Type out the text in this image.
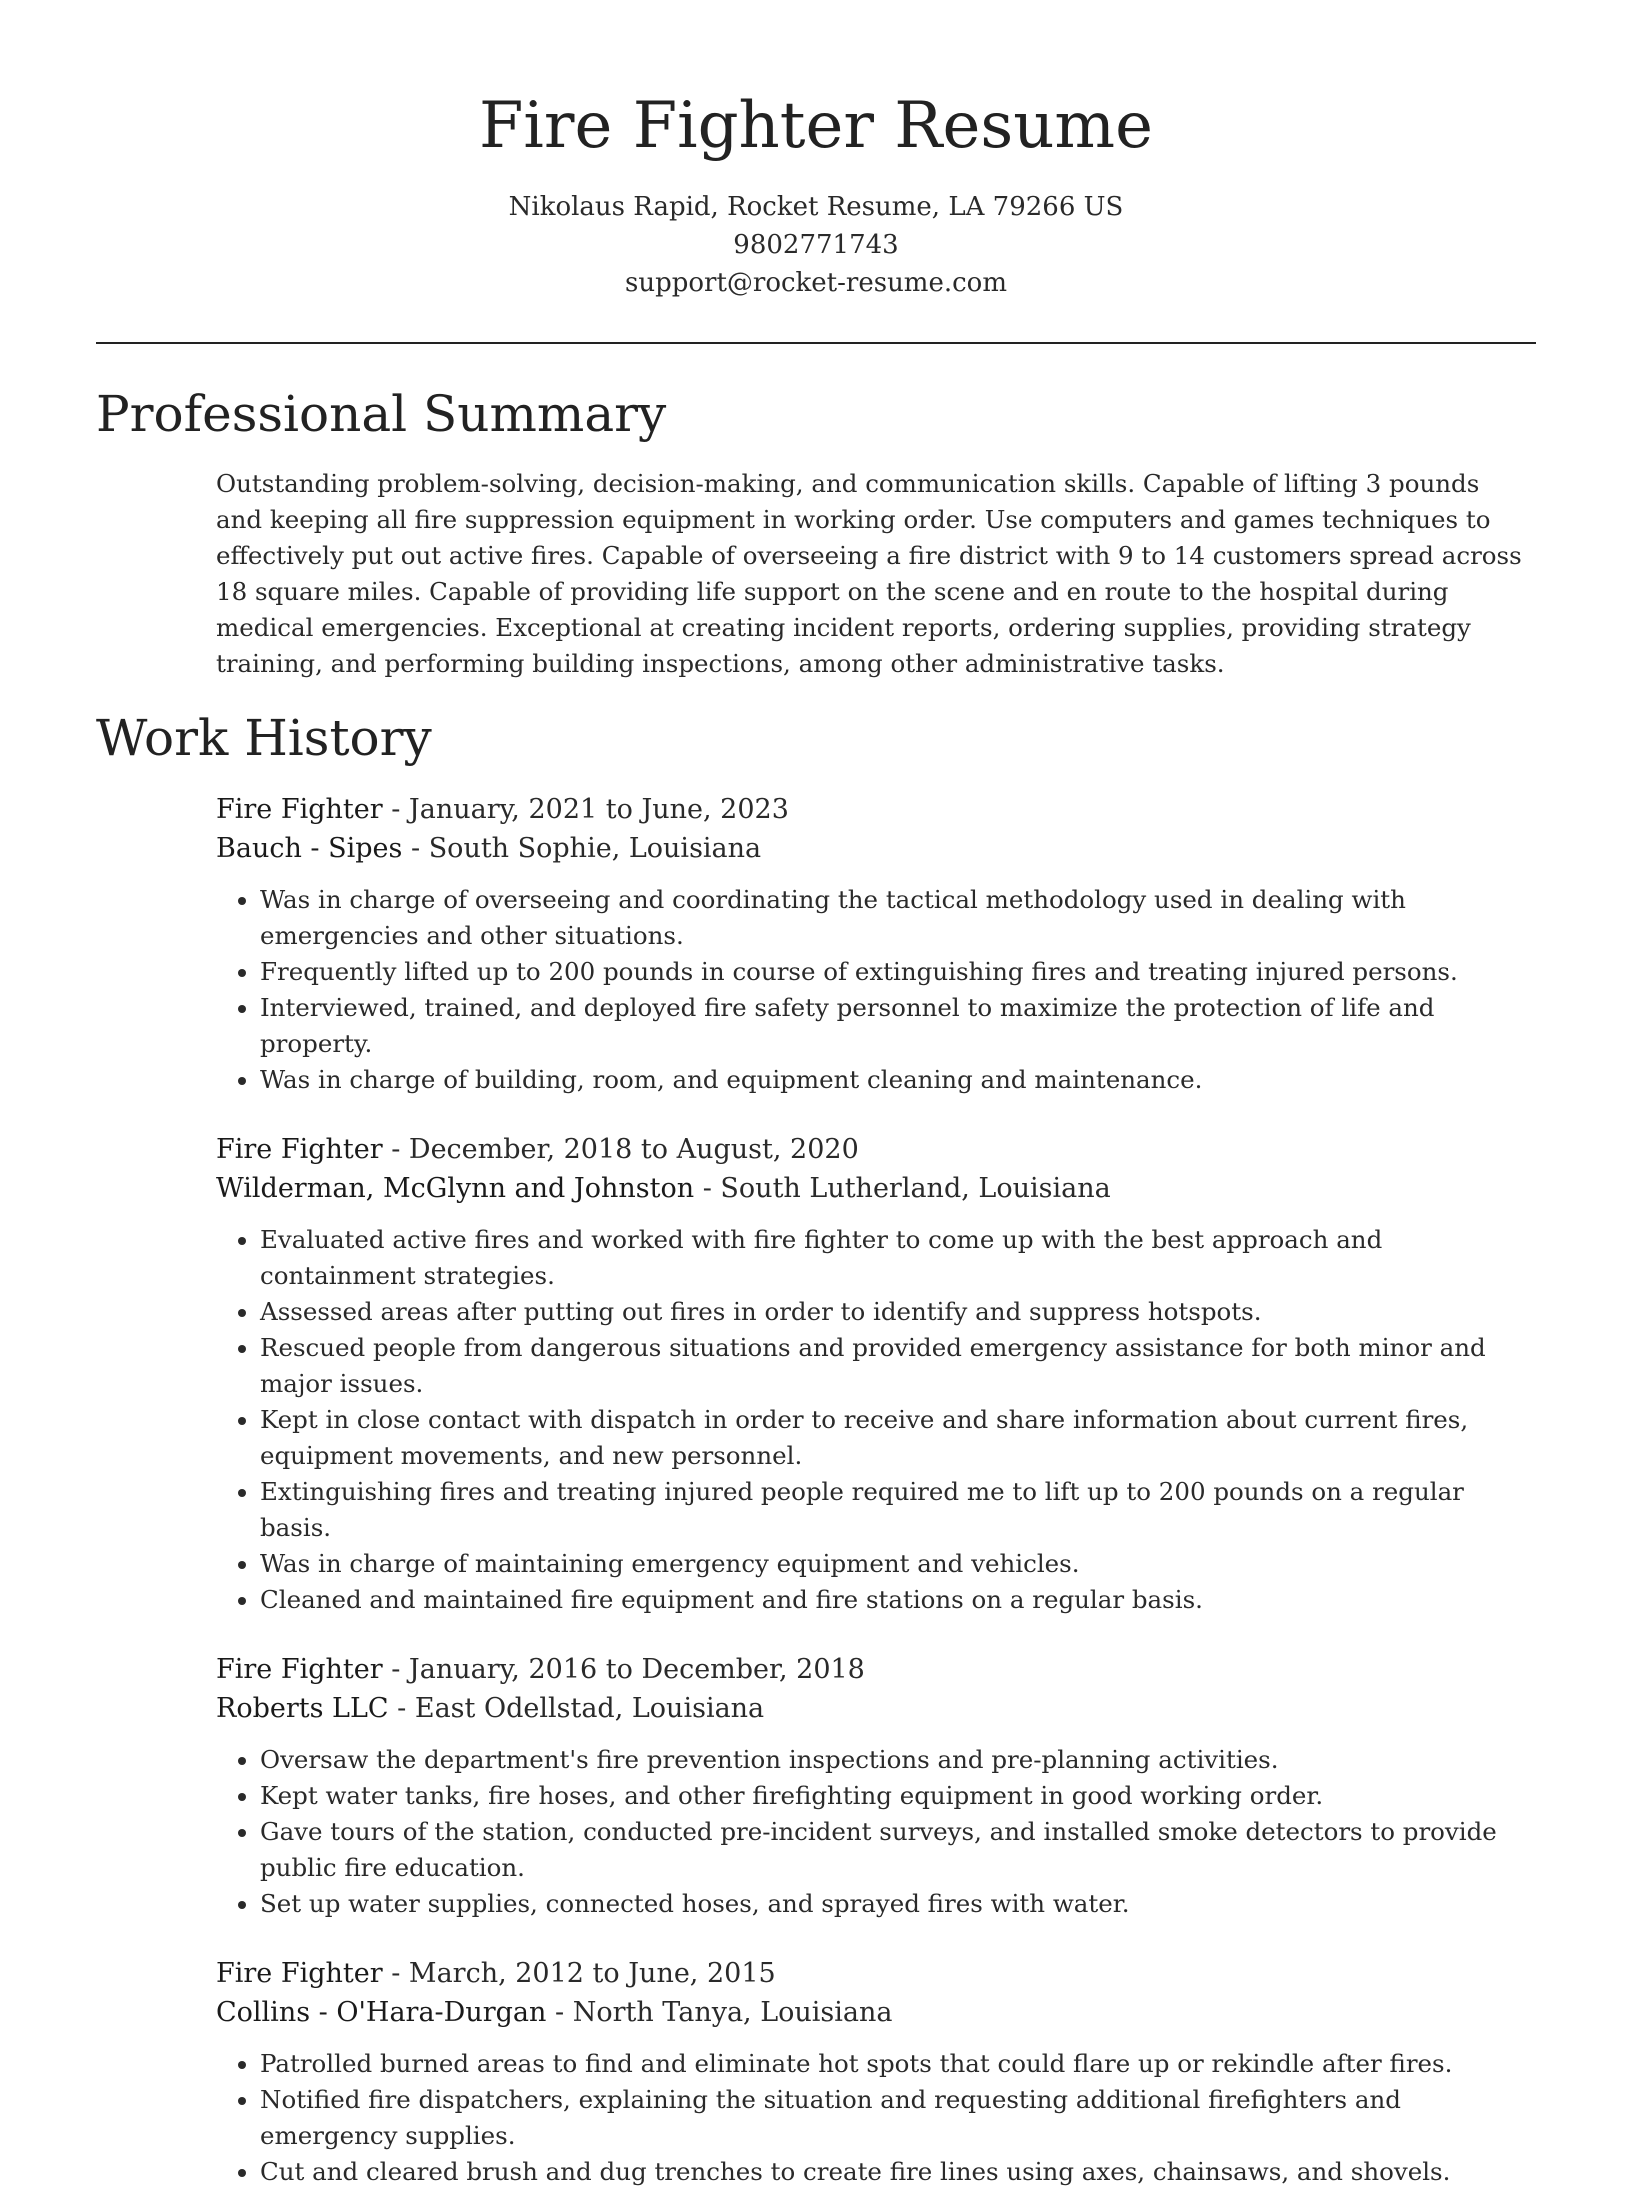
Fire Fighter Resume
Nikolaus Rapid, Rocket Resume, LA 79266 US
9802771743
support@rocket-resume.com
Professional Summary

Outstanding problem-solving, decision-making, and communication skills. Capable of lifting 3 pounds and keeping all fire suppression equipment in working order. Use computers and games techniques to effectively put out active fires. Capable of overseeing a fire district with 9 to 14 customers spread across 18 square miles. Capable of providing life support on the scene and en route to the hospital during medical emergencies. Exceptional at creating incident reports, ordering supplies, providing strategy training, and performing building inspections, among other administrative tasks.

Work History
Fire Fighter - January, 2021 to June, 2023
Bauch - Sipes - South Sophie, Louisiana
• Was in charge of overseeing and coordinating the tactical methodology used in dealing with emergencies and other situations.
• Frequently lifted up to 200 pounds in course of extinguishing fires and treating injured persons.
• Interviewed, trained, and deployed fire safety personnel to maximize the protection of life and property.
• Was in charge of building, room, and equipment cleaning and maintenance.
Fire Fighter - December, 2018 to August, 2020
Wilderman, McGlynn and Johnston - South Lutherland, Louisiana
• Evaluated active fires and worked with fire fighter to come up with the best approach and containment strategies.
• Assessed areas after putting out fires in order to identify and suppress hotspots.
• Rescued people from dangerous situations and provided emergency assistance for both minor and major issues.
• Kept in close contact with dispatch in order to receive and share information about current fires, equipment movements, and new personnel.
• Extinguishing fires and treating injured people required me to lift up to 200 pounds on a regular basis.
• Was in charge of maintaining emergency equipment and vehicles.
• Cleaned and maintained fire equipment and fire stations on a regular basis.
Fire Fighter - January, 2016 to December, 2018
Roberts LLC - East Odellstad, Louisiana
• Oversaw the department's fire prevention inspections and pre-planning activities.
• Kept water tanks, fire hoses, and other firefighting equipment in good working order.
• Gave tours of the station, conducted pre-incident surveys, and installed smoke detectors to provide public fire education.
• Set up water supplies, connected hoses, and sprayed fires with water.
Fire Fighter - March, 2012 to June, 2015
Collins - O'Hara-Durgan - North Tanya, Louisiana
• Patrolled burned areas to find and eliminate hot spots that could flare up or rekindle after fires.
• Notified fire dispatchers, explaining the situation and requesting additional firefighters and emergency supplies.
• Cut and cleared brush and dug trenches to create fire lines using axes, chainsaws, and shovels.
